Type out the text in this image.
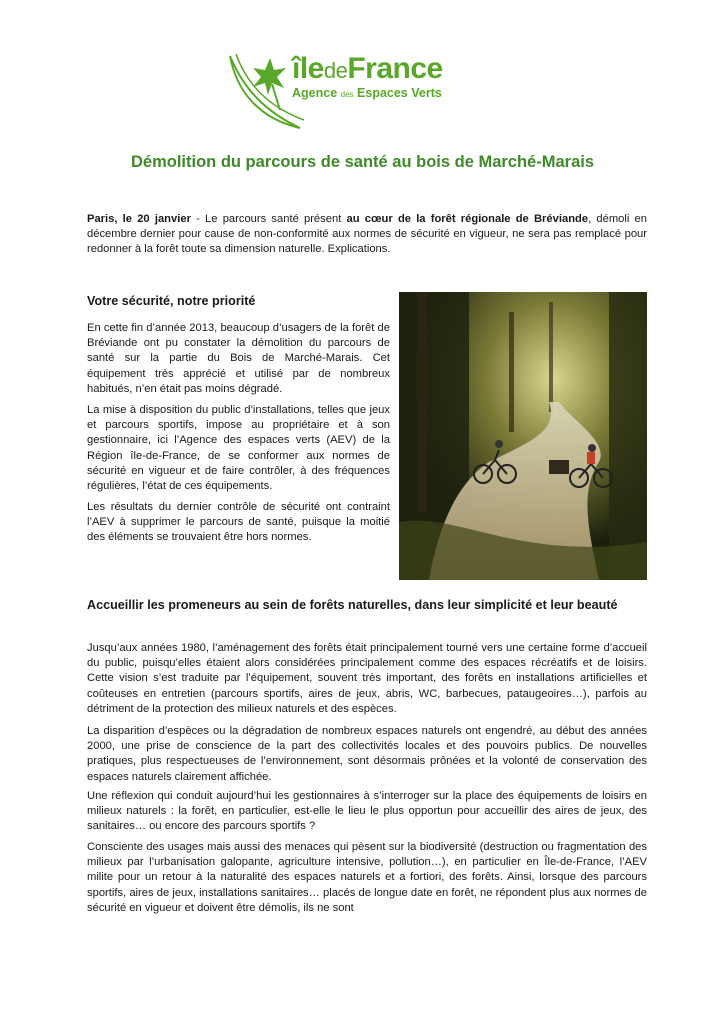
îledeFrance
Agence des Espaces Verts
Démolition du parcours de santé au bois de Marché-Marais

Paris, le 20 janvier - Le parcours santé présent au cœur de la forêt régionale de Bréviande, démoli en décembre dernier pour cause de non-conformité aux normes de sécurité en vigueur, ne sera pas remplacé pour redonner à la forêt toute sa dimension naturelle. Explications.

Votre sécurité, notre priorité

En cette fin d’année 2013, beaucoup d’usagers de la forêt de Bréviande ont pu constater la démolition du parcours de santé sur la partie du Bois de Marché-Marais. Cet équipement très apprécié et utilisé par de nombreux habitués, n’en était pas moins dégradé.

La mise à disposition du public d’installations, telles que jeux et parcours sportifs, impose au propriétaire et à son gestionnaire, ici l’Agence des espaces verts (AEV) de la Région île-de-France, de se conformer aux normes de sécurité en vigueur et de faire contrôler, à des fréquences régulières, l’état de ces équipements.

Les résultats du dernier contrôle de sécurité ont contraint l’AEV à supprimer le parcours de santé, puisque la moitié des éléments se trouvaient être hors normes.

Accueillir les promeneurs au sein de forêts naturelles, dans leur simplicité et leur beauté

Jusqu’aux années 1980, l’aménagement des forêts était principalement tourné vers une certaine forme d’accueil du public, puisqu’elles étaient alors considérées principalement comme des espaces récréatifs et de loisirs. Cette vision s’est traduite par l’équipement, souvent très important, des forêts en installations artificielles et coûteuses en entretien (parcours sportifs, aires de jeux, abris, WC, barbecues, pataugeoires…), parfois au détriment de la protection des milieux naturels et des espèces.

La disparition d’espèces ou la dégradation de nombreux espaces naturels ont engendré, au début des années 2000, une prise de conscience de la part des collectivités locales et des pouvoirs publics. De nouvelles pratiques, plus respectueuses de l’environnement, sont désormais prônées et la volonté de conservation des espaces naturels clairement affichée.

Une réflexion qui conduit aujourd’hui les gestionnaires à s’interroger sur la place des équipements de loisirs en milieux naturels : la forêt, en particulier, est-elle le lieu le plus opportun pour accueillir des aires de jeux, des sanitaires… ou encore des parcours sportifs ?

Consciente des usages mais aussi des menaces qui pèsent sur la biodiversité (destruction ou fragmentation des milieux par l’urbanisation galopante, agriculture intensive, pollution…), en particulier en Île-de-France, l’AEV milite pour un retour à la naturalité des espaces naturels et a fortiori, des forêts. Ainsi, lorsque des parcours sportifs, aires de jeux, installations sanitaires… placés de longue date en forêt, ne répondent plus aux normes de sécurité en vigueur et doivent être démolis, ils ne sont
